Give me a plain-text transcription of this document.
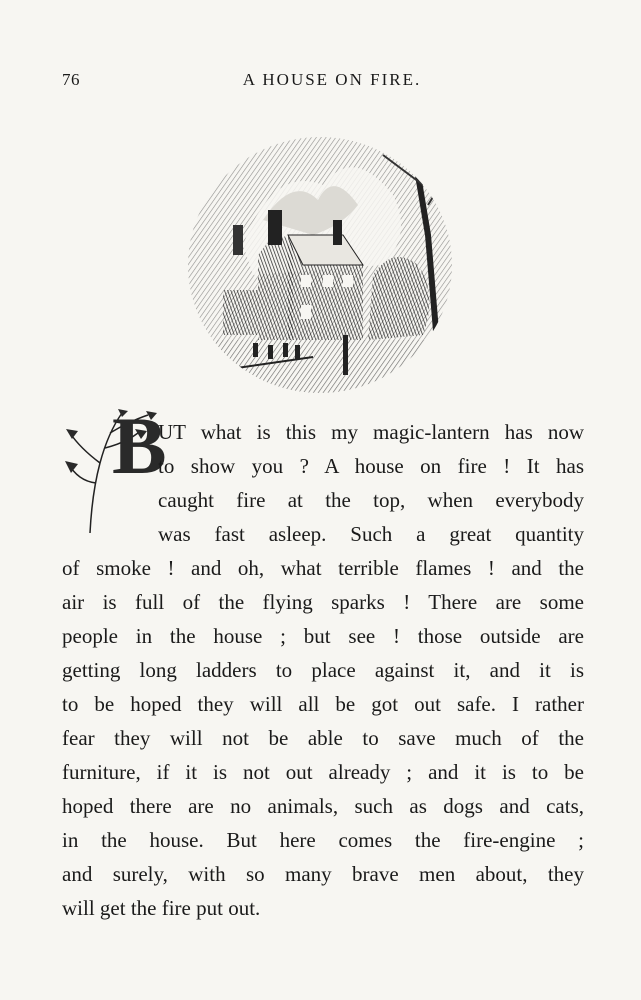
76	A HOUSE ON FIRE.
B
UT what is this my magic-lantern has now
to show you ? A house on fire ! It has
caught fire at the top, when everybody
was fast asleep. Such a great quantity
of smoke ! and oh, what terrible flames ! and the
air is full of the flying sparks ! There are some
people in the house ; but see ! those outside are
getting long ladders to place against it, and it is
to be hoped they will all be got out safe. I rather
fear they will not be able to save much of the
furniture, if it is not out already ; and it is to be
hoped there are no animals, such as dogs and cats,
in the house. But here comes the fire-engine ;
and surely, with so many brave men about, they
will get the fire put out.
